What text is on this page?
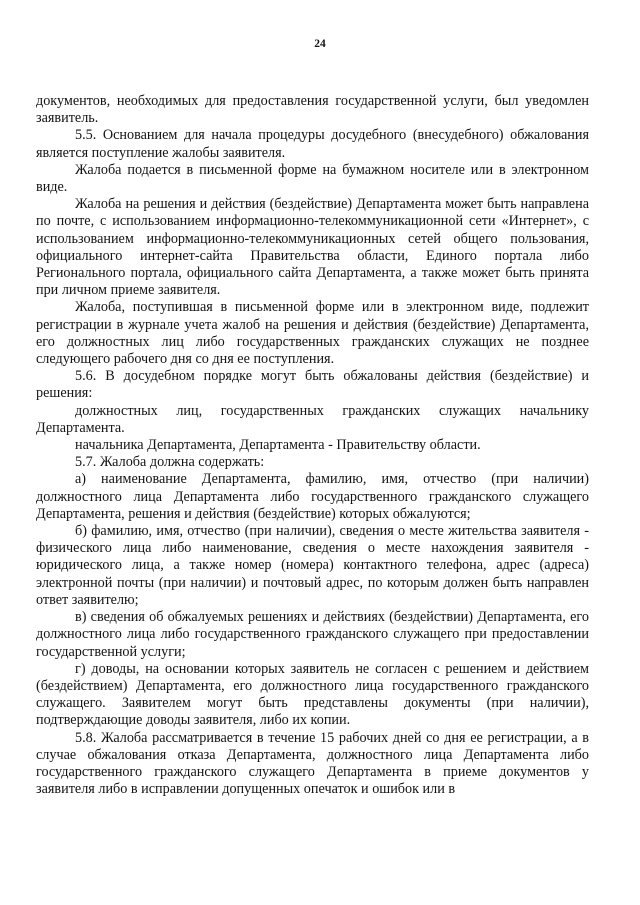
24

документов, необходимых для предоставления государственной услуги, был уведомлен заявитель.

5.5. Основанием для начала процедуры досудебного (внесудебного) обжалования является поступление жалобы заявителя.

Жалоба подается в письменной форме на бумажном носителе или в электронном виде.

Жалоба на решения и действия (бездействие) Департамента может быть направлена по почте, с использованием информационно-телекоммуникационной сети «Интернет», с использованием информационно-телекоммуникационных сетей общего пользования, официального интернет-сайта Правительства области, Единого портала либо Регионального портала, официального сайта Департамента, а также может быть принята при личном приеме заявителя.

Жалоба, поступившая в письменной форме или в электронном виде, подлежит регистрации в журнале учета жалоб на решения и действия (бездействие) Департамента, его должностных лиц либо государственных гражданских служащих не позднее следующего рабочего дня со дня ее поступления.

5.6. В досудебном порядке могут быть обжалованы действия (бездействие) и решения:

должностных лиц, государственных гражданских служащих начальнику Департамента.

начальника Департамента, Департамента - Правительству области.

5.7. Жалоба должна содержать:

а) наименование Департамента, фамилию, имя, отчество (при наличии) должностного лица Департамента либо государственного гражданского служащего Департамента, решения и действия (бездействие) которых обжалуются;

б) фамилию, имя, отчество (при наличии), сведения о месте жительства заявителя - физического лица либо наименование, сведения о месте нахождения заявителя - юридического лица, а также номер (номера) контактного телефона, адрес (адреса) электронной почты (при наличии) и почтовый адрес, по которым должен быть направлен ответ заявителю;

в) сведения об обжалуемых решениях и действиях (бездействии) Департамента, его должностного лица либо государственного гражданского служащего при предоставлении государственной услуги;

г) доводы, на основании которых заявитель не согласен с решением и действием (бездействием) Департамента, его должностного лица государственного гражданского служащего. Заявителем могут быть представлены документы (при наличии), подтверждающие доводы заявителя, либо их копии.

5.8. Жалоба рассматривается в течение 15 рабочих дней со дня ее регистрации, а в случае обжалования отказа Департамента, должностного лица Департамента либо государственного гражданского служащего Департамента в приеме документов у заявителя либо в исправлении допущенных опечаток и ошибок или в
